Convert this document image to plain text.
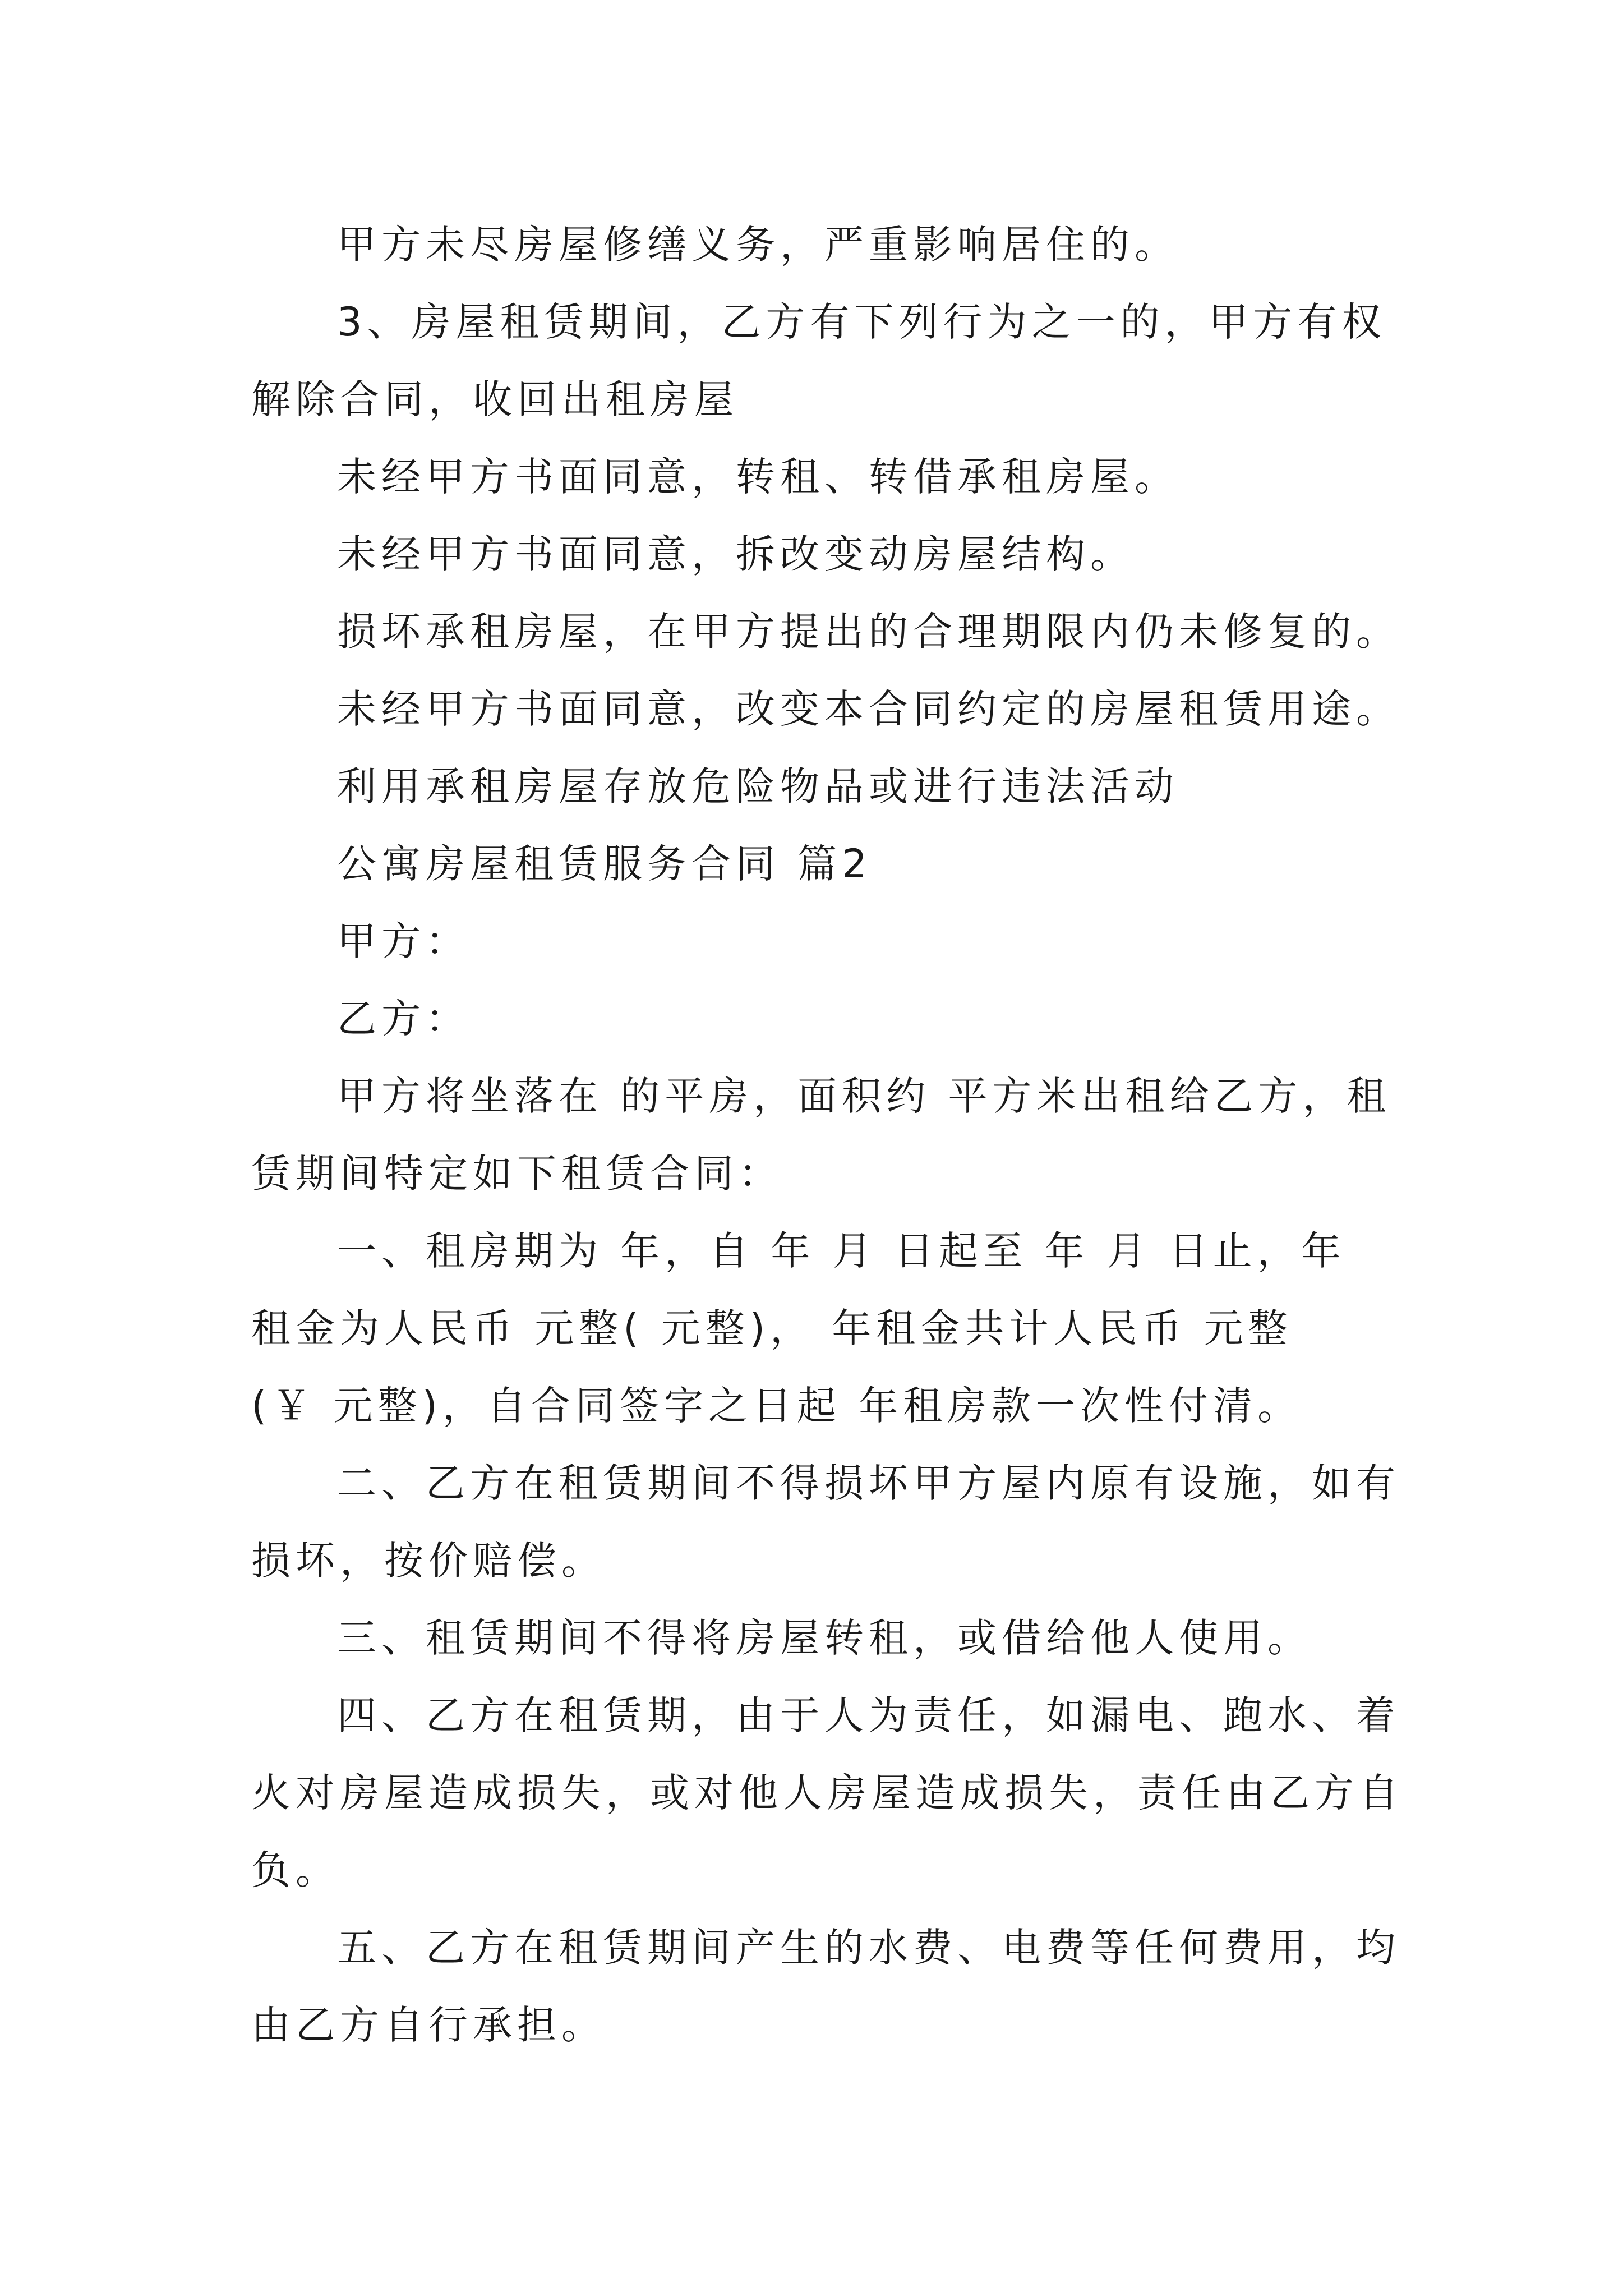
甲方未尽房屋修缮义务，严重影响居住的。
3、房屋租赁期间，乙方有下列行为之一的，甲方有权
解除合同，收回出租房屋
未经甲方书面同意，转租、转借承租房屋。
未经甲方书面同意，拆改变动房屋结构。
损坏承租房屋，在甲方提出的合理期限内仍未修复的。
未经甲方书面同意，改变本合同约定的房屋租赁用途。
利用承租房屋存放危险物品或进行违法活动
公寓房屋租赁服务合同 篇2
甲方：
乙方：
甲方将坐落在 的平房，面积约 平方米出租给乙方，租
赁期间特定如下租赁合同：
一、租房期为 年，自 年 月 日起至 年 月 日止，年
租金为人民币 元整( 元整)， 年租金共计人民币 元整
(￥ 元整)，自合同签字之日起 年租房款一次性付清。
二、乙方在租赁期间不得损坏甲方屋内原有设施，如有
损坏，按价赔偿。
三、租赁期间不得将房屋转租，或借给他人使用。
四、乙方在租赁期，由于人为责任，如漏电、跑水、着
火对房屋造成损失，或对他人房屋造成损失，责任由乙方自
负。
五、乙方在租赁期间产生的水费、电费等任何费用，均
由乙方自行承担。
